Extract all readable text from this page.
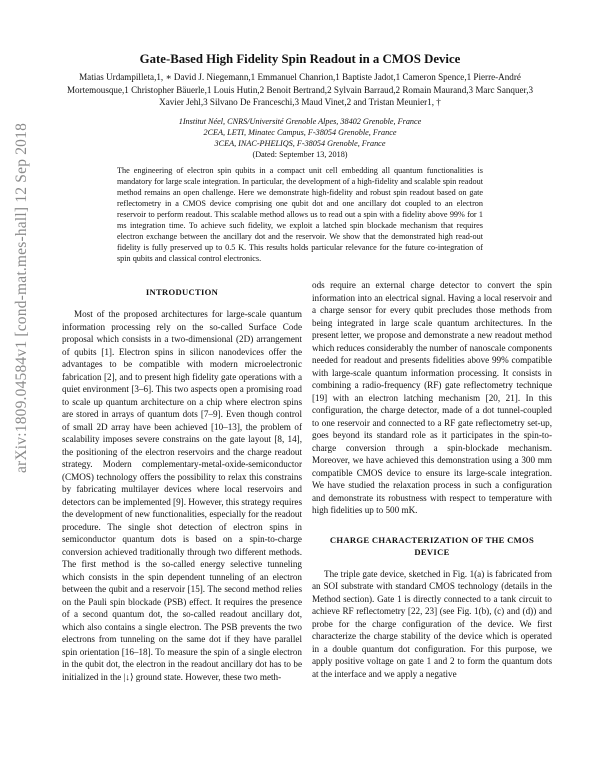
arXiv:1809.04584v1 [cond-mat.mes-hall] 12 Sep 2018
Gate-Based High Fidelity Spin Readout in a CMOS Device
Matias Urdampilleta,1, ∗ David J. Niegemann,1 Emmanuel Chanrion,1 Baptiste Jadot,1 Cameron Spence,1 Pierre-André Mortemousque,1 Christopher Bäuerle,1 Louis Hutin,2 Benoit Bertrand,2 Sylvain Barraud,2 Romain Maurand,3 Marc Sanquer,3 Xavier Jehl,3 Silvano De Franceschi,3 Maud Vinet,2 and Tristan Meunier1, †
1Institut Néel, CNRS/Université Grenoble Alpes, 38402 Grenoble, France
2CEA, LETI, Minatec Campus, F-38054 Grenoble, France
3CEA, INAC-PHELIQS, F-38054 Grenoble, France
(Dated: September 13, 2018)
The engineering of electron spin qubits in a compact unit cell embedding all quantum functionalities is mandatory for large scale integration. In particular, the development of a high-fidelity and scalable spin readout method remains an open challenge. Here we demonstrate high-fidelity and robust spin readout based on gate reflectometry in a CMOS device comprising one qubit dot and one ancillary dot coupled to an electron reservoir to perform readout. This scalable method allows us to read out a spin with a fidelity above 99% for 1 ms integration time. To achieve such fidelity, we exploit a latched spin blockade mechanism that requires electron exchange between the ancillary dot and the reservoir. We show that the demonstrated high read-out fidelity is fully preserved up to 0.5 K. This results holds particular relevance for the future co-integration of spin qubits and classical control electronics.
INTRODUCTION

Most of the proposed architectures for large-scale quantum information processing rely on the so-called Surface Code proposal which consists in a two-dimensional (2D) arrangement of qubits [1]. Electron spins in silicon nanodevices offer the advantages to be compatible with modern microelectronic fabrication [2], and to present high fidelity gate operations with a quiet environment [3–6]. This two aspects open a promising road to scale up quantum architecture on a chip where electron spins are stored in arrays of quantum dots [7–9]. Even though control of small 2D array have been achieved [10–13], the problem of scalability imposes severe constrains on the gate layout [8, 14], the positioning of the electron reservoirs and the charge readout strategy. Modern complementary-metal-oxide-semiconductor (CMOS) technology offers the possibility to relax this constrains by fabricating multilayer devices where local reservoirs and detectors can be implemented [9]. However, this strategy requires the development of new functionalities, especially for the readout procedure. The single shot detection of electron spins in semiconductor quantum dots is based on a spin-to-charge conversion achieved traditionally through two different methods. The first method is the so-called energy selective tunneling which consists in the spin dependent tunneling of an electron between the qubit and a reservoir [15]. The second method relies on the Pauli spin blockade (PSB) effect. It requires the presence of a second quantum dot, the so-called readout ancillary dot, which also contains a single electron. The PSB prevents the two electrons from tunneling on the same dot if they have parallel spin orientation [16–18]. To measure the spin of a single electron in the qubit dot, the electron in the readout ancillary dot has to be initialized in the |↓⟩ ground state. However, these two meth-

ods require an external charge detector to convert the spin information into an electrical signal. Having a local reservoir and a charge sensor for every qubit precludes those methods from being integrated in large scale quantum architectures. In the present letter, we propose and demonstrate a new readout method which reduces considerably the number of nanoscale components needed for readout and presents fidelities above 99% compatible with large-scale quantum information processing. It consists in combining a radio-frequency (RF) gate reflectometry technique [19] with an electron latching mechanism [20, 21]. In this configuration, the charge detector, made of a dot tunnel-coupled to one reservoir and connected to a RF gate reflectometry set-up, goes beyond its standard role as it participates in the spin-to-charge conversion through a spin-blockade mechanism. Moreover, we have achieved this demonstration using a 300 mm compatible CMOS device to ensure its large-scale integration. We have studied the relaxation process in such a configuration and demonstrate its robustness with respect to temperature with high fidelities up to 500 mK.

CHARGE CHARACTERIZATION OF THE CMOS DEVICE

The triple gate device, sketched in Fig. 1(a) is fabricated from an SOI substrate with standard CMOS technology (details in the Method section). Gate 1 is directly connected to a tank circuit to achieve RF reflectometry [22, 23] (see Fig. 1(b), (c) and (d)) and probe for the charge configuration of the device. We first characterize the charge stability of the device which is operated in a double quantum dot configuration. For this purpose, we apply positive voltage on gate 1 and 2 to form the quantum dots at the interface and we apply a negative
